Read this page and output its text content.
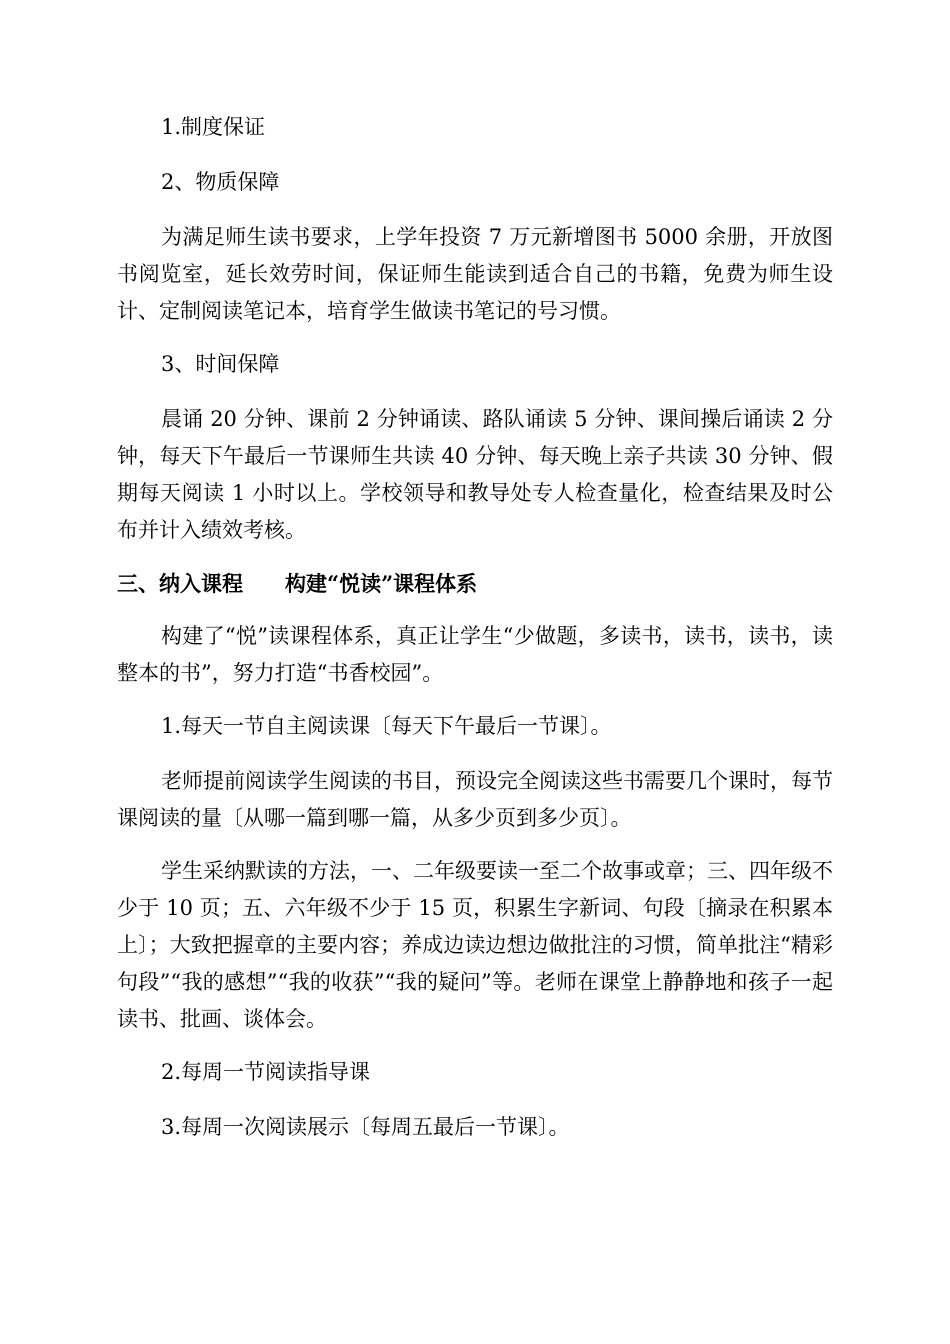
1.制度保证

2、物质保障

为满足师生读书要求，上学年投资 7 万元新增图书 5000 余册，开放图书阅览室，延长效劳时间，保证师生能读到适合自己的书籍，免费为师生设计、定制阅读笔记本，培育学生做读书笔记的号习惯。

3、时间保障

晨诵 20 分钟、课前 2 分钟诵读、路队诵读 5 分钟、课间操后诵读 2 分钟，每天下午最后一节课师生共读 40 分钟、每天晚上亲子共读 30 分钟、假期每天阅读 1 小时以上。学校领导和教导处专人检查量化，检查结果及时公布并计入绩效考核。

三、纳入课程　　构建“悦读”课程体系

构建了“悦”读课程体系，真正让学生“少做题，多读书，读书，读书，读整本的书”，努力打造“书香校园”。

1.每天一节自主阅读课〔每天下午最后一节课〕。

老师提前阅读学生阅读的书目，预设完全阅读这些书需要几个课时，每节课阅读的量〔从哪一篇到哪一篇，从多少页到多少页〕。

学生采纳默读的方法，一、二年级要读一至二个故事或章；三、四年级不少于 10 页；五、六年级不少于 15 页，积累生字新词、句段〔摘录在积累本上〕；大致把握章的主要内容；养成边读边想边做批注的习惯，简单批注“精彩句段”“我的感想”“我的收获”“我的疑问”等。老师在课堂上静静地和孩子一起读书、批画、谈体会。

2.每周一节阅读指导课

3.每周一次阅读展示〔每周五最后一节课〕。
